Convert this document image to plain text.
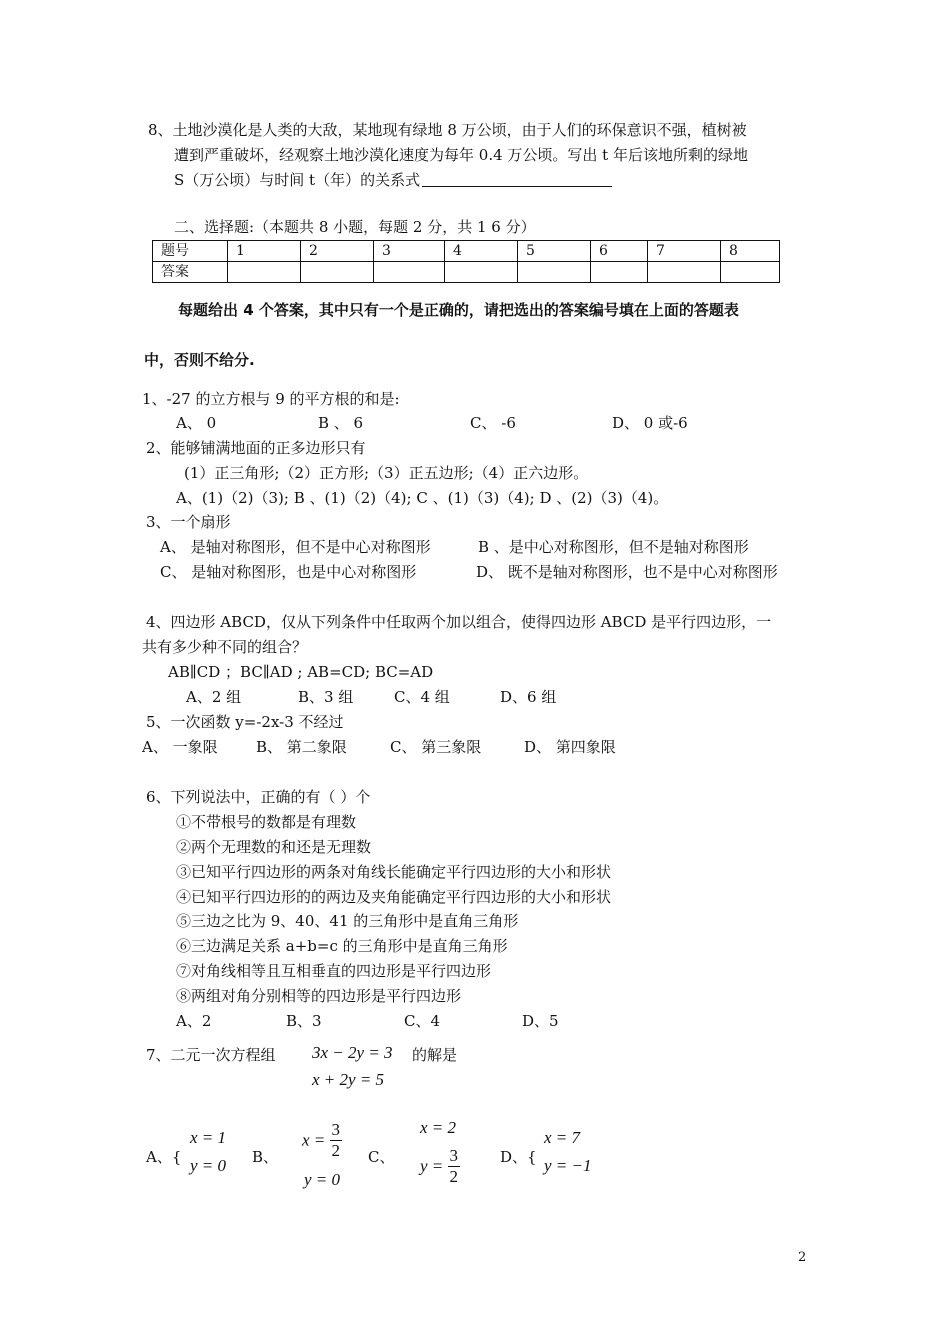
8、土地沙漠化是人类的大敌，某地现有绿地 8 万公顷，由于人们的环保意识不强，植树被
遭到严重破坏，经观察土地沙漠化速度为每年 0.4 万公顷。写出 t 年后该地所剩的绿地
S（万公顷）与时间 t（年）的关系式
二、选择题:（本题共 8 小题，每题 2 分，共 1 6 分）
题号	1	2	3	4	5	6	7	8
答案								
每题给出 4 个答案，其中只有一个是正确的，请把选出的答案编号填在上面的答题表
中，否则不给分.
1、-27 的立方根与 9 的平方根的和是:
A、 0	B 、 6	C、 -6	D、 0 或-6
2、能够铺满地面的正多边形只有
(1）正三角形;（2）正方形;（3）正五边形;（4）正六边形。
A、(1)（2)（3); B 、(1)（2)（4); C 、(1)（3)（4); D 、(2)（3)（4)。
3、一个扇形
A、 是轴对称图形，但不是中心对称图形	B 、是中心对称图形，但不是轴对称图形
C、 是轴对称图形，也是中心对称图形	D、 既不是轴对称图形，也不是中心对称图形
4、四边形 ABCD，仅从下列条件中任取两个加以组合，使得四边形 ABCD 是平行四边形，一
共有多少种不同的组合？
AB∥CD ；BC∥AD ; AB=CD; BC=AD
A、2 组	B、3 组	C、4 组	D、6 组
5、一次函数 y=-2x-3 不经过
A、 一象限	B、 第二象限	C、 第三象限	D、 第四象限
6、下列说法中，正确的有（ ）个
①不带根号的数都是有理数
②两个无理数的和还是无理数
③已知平行四边形的两条对角线长能确定平行四边形的大小和形状
④已知平行四边形的的两边及夹角能确定平行四边形的大小和形状
⑤三边之比为 9、40、41 的三角形中是直角三角形
⑥三边满足关系 a+b=c 的三角形中是直角三角形
⑦对角线相等且互相垂直的四边形是平行四边形
⑧两组对角分别相等的四边形是平行四边形
A、2	B、3	C、4	D、5
7、二元一次方程组 3x − 2y = 3 的解是
x + 2y = 5
A、{
x = 1
y = 0 B、
$x = \frac{3}{2}$
y = 0
C、
x = 2
$y = \frac{3}{2}$	D、{
x = 7
y = −1
2
